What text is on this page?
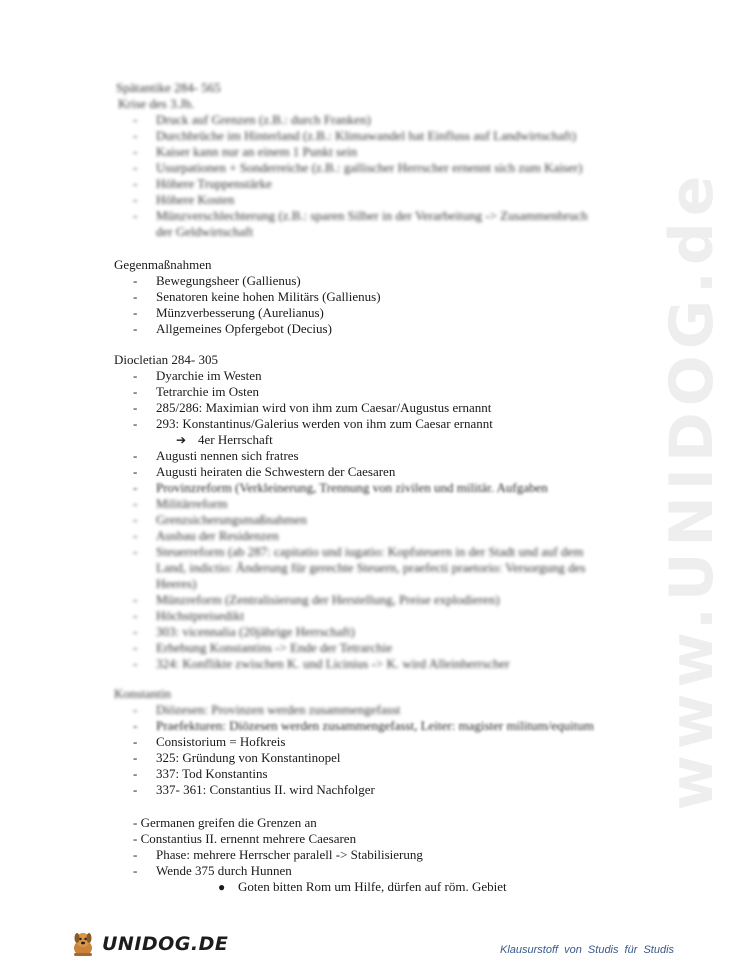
www.UNIDOG.de
Spätantike 284- 565
Krise des 3.Jh.
- Druck auf Grenzen (z.B.: durch Franken)
- Durchbrüche im Hinterland (z.B.: Klimawandel hat Einfluss auf Landwirtschaft)
- Kaiser kann nur an einem 1 Punkt sein
- Usurpationen + Sonderreiche (z.B.: gallischer Herrscher ernennt sich zum Kaiser)
- Höhere Truppenstärke
- Höhere Kosten
- Münzverschlechterung (z.B.: sparen Silber in der Verarbeitung -> Zusammenbruch
der Geldwirtschaft
Gegenmaßnahmen
- Bewegungsheer (Gallienus)
- Senatoren keine hohen Militärs (Gallienus)
- Münzverbesserung (Aurelianus)
- Allgemeines Opfergebot (Decius)
Diocletian 284- 305
- Dyarchie im Westen
- Tetrarchie im Osten
- 285/286: Maximian wird von ihm zum Caesar/Augustus ernannt
- 293: Konstantinus/Galerius werden von ihm zum Caesar ernannt
➔ 4er Herrschaft
- Augusti nennen sich fratres
- Augusti heiraten die Schwestern der Caesaren
- Provinzreform (Verkleinerung, Trennung von zivilen und militär. Aufgaben
- Militärreform
- Grenzsicherungsmaßnahmen
- Ausbau der Residenzen
- Steuerreform (ab 287: capitatio und iugatio: Kopfsteuern in der Stadt und auf dem
Land, indictio: Änderung für gerechte Steuern, praefecti praetorio: Versorgung des
Heeres)
- Münzreform (Zentralisierung der Herstellung, Preise explodieren)
- Höchstpreisedikt
- 303: vicennalia (20jährige Herrschaft)
- Erhebung Konstantins -> Ende der Tetrarchie
- 324: Konflikte zwischen K. und Licinius -> K. wird Alleinherrscher
Konstantin
- Diözesen: Provinzen werden zusammengefasst
- Praefekturen: Diözesen werden zusammengefasst, Leiter: magister militum/equitum
- Consistorium = Hofkreis
- 325: Gründung von Konstantinopel
- 337: Tod Konstantins
- 337- 361: Constantius II. wird Nachfolger
- Germanen greifen die Grenzen an
- Constantius II. ernennt mehrere Caesaren
- Phase: mehrere Herrscher paralell -> Stabilisierung
- Wende 375 durch Hunnen
● Goten bitten Rom um Hilfe, dürfen auf röm. Gebiet
UNIDOG.DE	Klausurstoff von Studis für Studis
